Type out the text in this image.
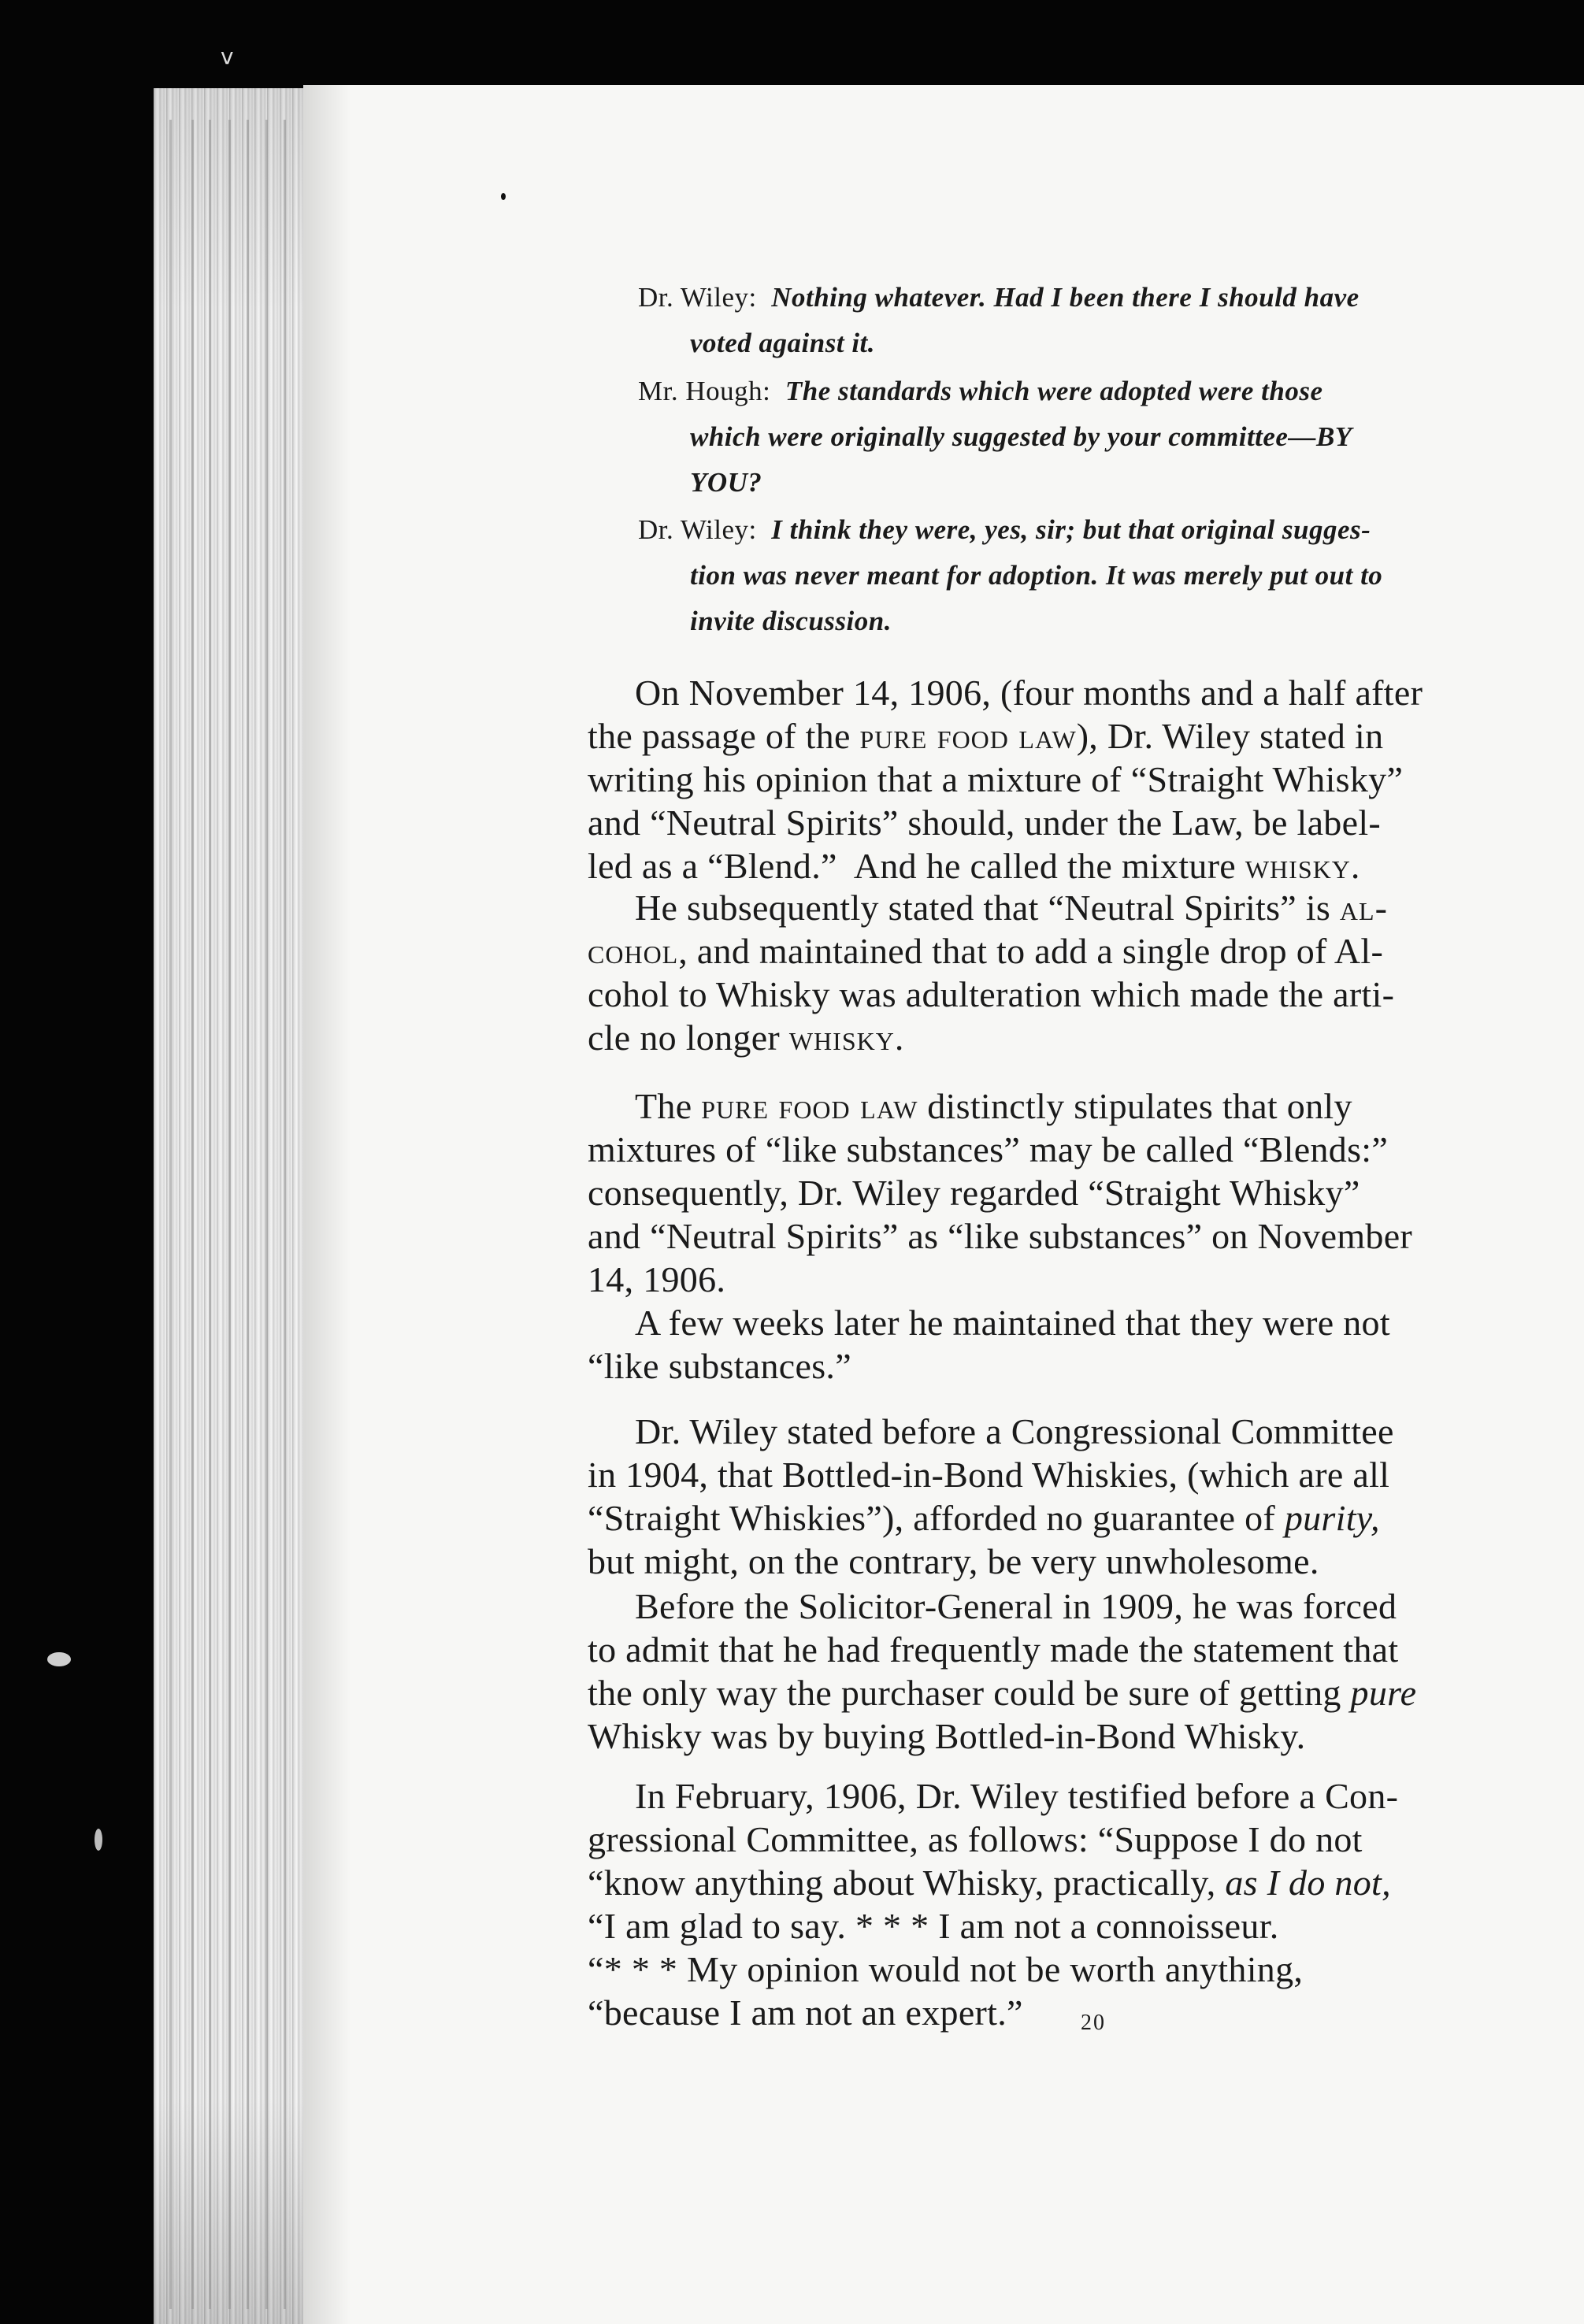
v
Dr. Wiley: Nothing whatever. Had I been there I should have
voted against it.
Mr. Hough: The standards which were adopted were those
which were originally suggested by your committee—BY
YOU?
Dr. Wiley: I think they were, yes, sir; but that original sugges-
tion was never meant for adoption. It was merely put out to
invite discussion.
On November 14, 1906, (four months and a half after
the passage of the pure food law), Dr. Wiley stated in
writing his opinion that a mixture of “Straight Whisky”
and “Neutral Spirits” should, under the Law, be label-
led as a “Blend.”  And he called the mixture whisky.
He subsequently stated that “Neutral Spirits” is al-
cohol, and maintained that to add a single drop of Al-
cohol to Whisky was adulteration which made the arti-
cle no longer whisky.
The pure food law distinctly stipulates that only
mixtures of “like substances” may be called “Blends:”
consequently, Dr. Wiley regarded “Straight Whisky”
and “Neutral Spirits” as “like substances” on November
14, 1906.
A few weeks later he maintained that they were not
“like substances.”
Dr. Wiley stated before a Congressional Committee
in 1904, that Bottled-in-Bond Whiskies, (which are all
“Straight Whiskies”), afforded no guarantee of purity,
but might, on the contrary, be very unwholesome.
Before the Solicitor-General in 1909, he was forced
to admit that he had frequently made the statement that
the only way the purchaser could be sure of getting pure
Whisky was by buying Bottled-in-Bond Whisky.
In February, 1906, Dr. Wiley testified before a Con-
gressional Committee, as follows: “Suppose I do not
“know anything about Whisky, practically, as I do not,
“I am glad to say. * * * I am not a connoisseur.
“* * * My opinion would not be worth anything,
“because I am not an expert.”	20
